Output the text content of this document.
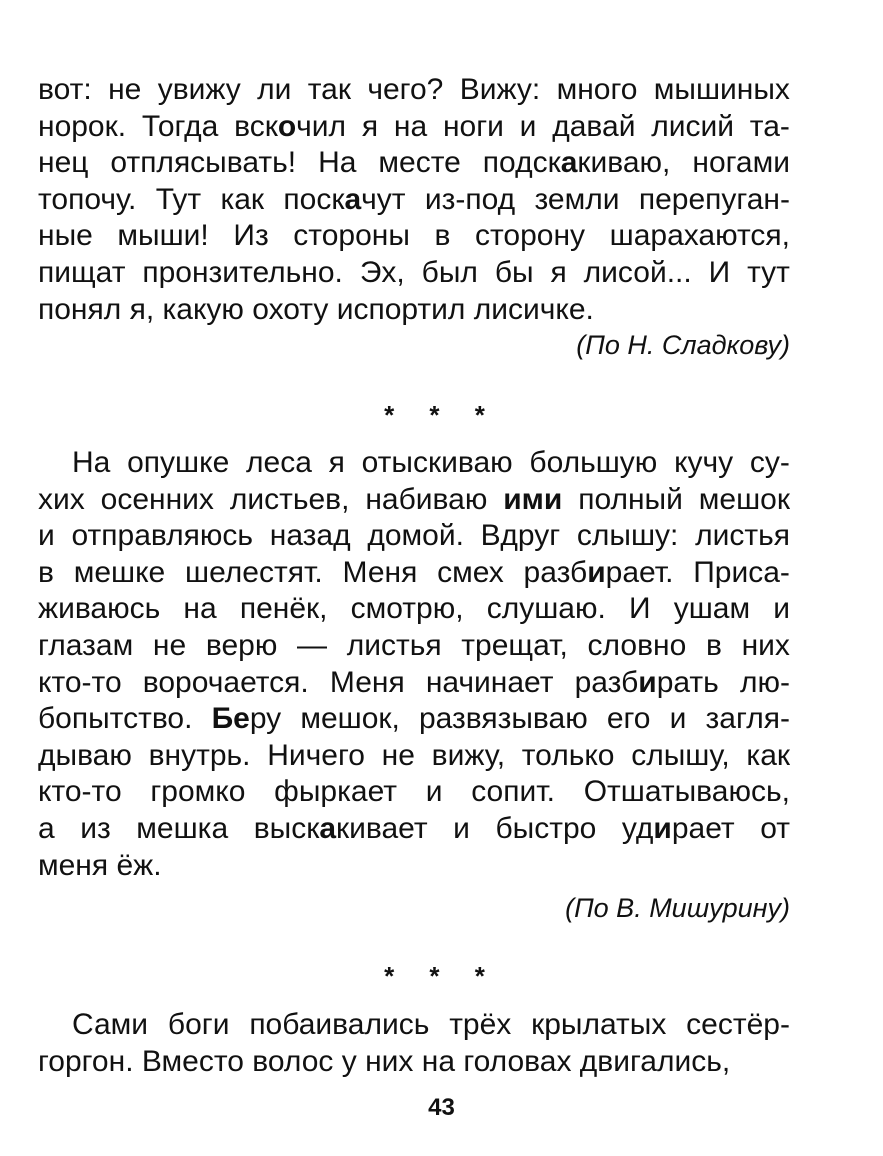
вот: не увижу ли так чего? Вижу: много мышиных
норок. Тогда вскочил я на ноги и давай лисий та-
нец отплясывать! На месте подскакиваю, ногами
топочу. Тут как поскачут из-под земли перепуган-
ные мыши! Из стороны в сторону шарахаются,
пищат пронзительно. Эх, был бы я лисой... И тут
понял я, какую охоту испортил лисичке.
(По Н. Сладкову)
* * *
На опушке леса я отыскиваю большую кучу су-
хих осенних листьев, набиваю ими полный мешок
и отправляюсь назад домой. Вдруг слышу: листья
в мешке шелестят. Меня смех разбирает. Приса-
живаюсь на пенёк, смотрю, слушаю. И ушам и
глазам не верю — листья трещат, словно в них
кто-то ворочается. Меня начинает разбирать лю-
бопытство. Беру мешок, развязываю его и загля-
дываю внутрь. Ничего не вижу, только слышу, как
кто-то громко фыркает и сопит. Отшатываюсь,
а из мешка выскакивает и быстро удирает от
меня ёж.
(По В. Мишурину)
* * *
Сами боги побаивались трёх крылатых сестёр-
горгон. Вместо волос у них на головах двигались,
43
